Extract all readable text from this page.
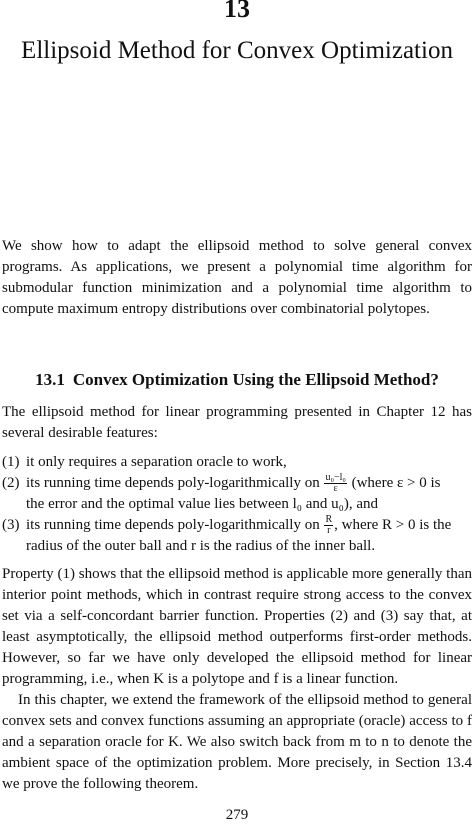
13
Ellipsoid Method for Convex Optimization

We show how to adapt the ellipsoid method to solve general convex programs. As applications, we present a polynomial time algorithm for submodular function minimization and a polynomial time algorithm to compute maximum entropy distributions over combinatorial polytopes.

13.1 Convex Optimization Using the Ellipsoid Method?

The ellipsoid method for linear programming presented in Chapter 12 has several desirable features:

(1) it only requires a separation oracle to work,
(2) its running time depends poly-logarithmically on $\frac{\text{u₀−l₀}}{\varepsilon}$ (where ε > 0 is
the error and the optimal value lies between l₀ and u₀), and
(3) its running time depends poly-logarithmically on $\frac{R}{r}$ , where R > 0 is the
radius of the outer ball and r is the radius of the inner ball.

Property (1) shows that the ellipsoid method is applicable more generally than interior point methods, which in contrast require strong access to the convex set via a self-concordant barrier function. Properties (2) and (3) say that, at least asymptotically, the ellipsoid method outperforms first-order methods. However, so far we have only developed the ellipsoid method for linear programming, i.e., when K is a polytope and f is a linear function.

In this chapter, we extend the framework of the ellipsoid method to general convex sets and convex functions assuming an appropriate (oracle) access to f and a separation oracle for K. We also switch back from m to n to denote the ambient space of the optimization problem. More precisely, in Section 13.4 we prove the following theorem.

279
